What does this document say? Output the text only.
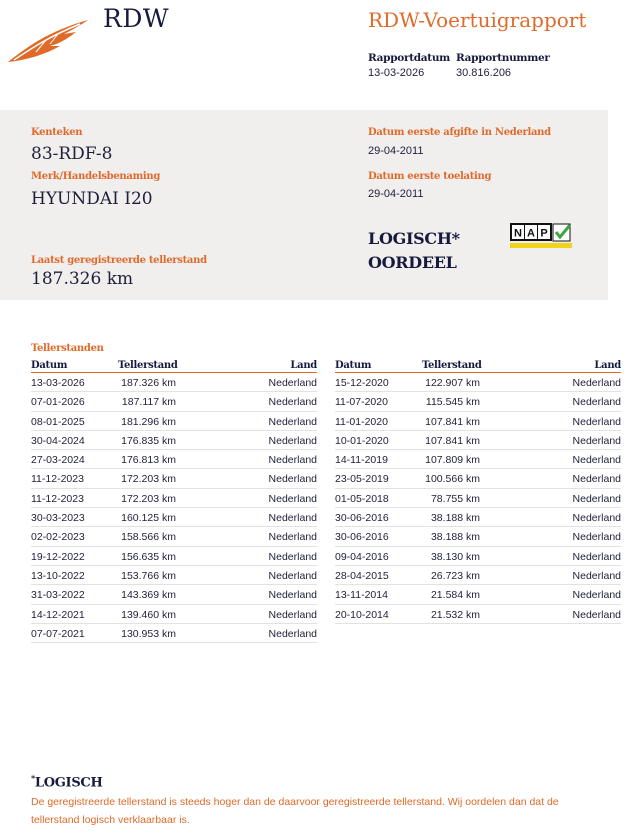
RDW	RDW-Voertuigrapport
Rapportdatum Rapportnummer
13-03-2026	30.816.206
Kenteken
83-RDF-8
Merk/Handelsbenaming
HYUNDAI I20
Laatst geregistreerde tellerstand
187.326 km
Datum eerste afgifte in Nederland
29-04-2011
Datum eerste toelating
29-04-2011
LOGISCH*
OORDEEL
N A P
Tellerstanden
Datum	Tellerstand	Land
13-03-2026	187.326 km	Nederland
07-01-2026	187.117 km	Nederland
08-01-2025	181.296 km	Nederland
30-04-2024	176.835 km	Nederland
27-03-2024	176.813 km	Nederland
11-12-2023	172.203 km	Nederland
11-12-2023	172.203 km	Nederland
30-03-2023	160.125 km	Nederland
02-02-2023	158.566 km	Nederland
19-12-2022	156.635 km	Nederland
13-10-2022	153.766 km	Nederland
31-03-2022	143.369 km	Nederland
14-12-2021	139.460 km	Nederland
07-07-2021	130.953 km	Nederland
Datum	Tellerstand	Land
15-12-2020	122.907 km	Nederland
11-07-2020	115.545 km	Nederland
11-01-2020	107.841 km	Nederland
10-01-2020	107.841 km	Nederland
14-11-2019	107.809 km	Nederland
23-05-2019	100.566 km	Nederland
01-05-2018	78.755 km	Nederland
30-06-2016	38.188 km	Nederland
30-06-2016	38.188 km	Nederland
09-04-2016	38.130 km	Nederland
28-04-2015	26.723 km	Nederland
13-11-2014	21.584 km	Nederland
20-10-2014	21.532 km	Nederland
*LOGISCH
De geregistreerde tellerstand is steeds hoger dan de daarvoor geregistreerde tellerstand. Wij oordelen dan dat de tellerstand logisch verklaarbaar is.
